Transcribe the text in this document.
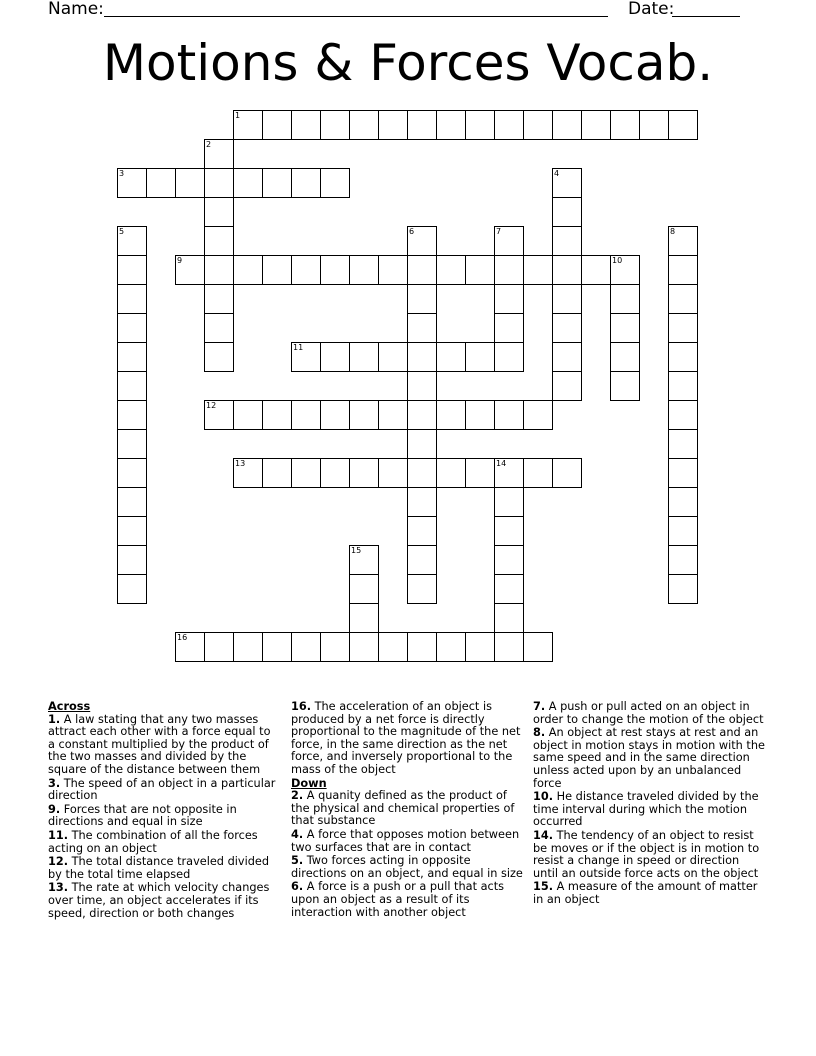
Name:	Date:
Motions & Forces Vocab.
1
2
3	4
5	6	7	8
9	10
11
12
13	14
15
16
Across
1. A law stating that any two masses attract each other with a force equal to a constant multiplied by the product of the two masses and divided by the square of the distance between them
3. The speed of an object in a particular direction
9. Forces that are not opposite in directions and equal in size
11. The combination of all the forces acting on an object
12. The total distance traveled divided by the total time elapsed
13. The rate at which velocity changes over time, an object accelerates if its speed, direction or both changes
16. The acceleration of an object is produced by a net force is directly proportional to the magnitude of the net force, in the same direction as the net force, and inversely proportional to the mass of the object
Down
2. A quanity defined as the product of the physical and chemical properties of that substance
4. A force that opposes motion between two surfaces that are in contact
5. Two forces acting in opposite directions on an object, and equal in size
6. A force is a push or a pull that acts upon an object as a result of its interaction with another object
7. A push or pull acted on an object in order to change the motion of the object
8. An object at rest stays at rest and an object in motion stays in motion with the same speed and in the same direction unless acted upon by an unbalanced force
10. He distance traveled divided by the time interval during which the motion occurred
14. The tendency of an object to resist be moves or if the object is in motion to resist a change in speed or direction until an outside force acts on the object
15. A measure of the amount of matter in an object
